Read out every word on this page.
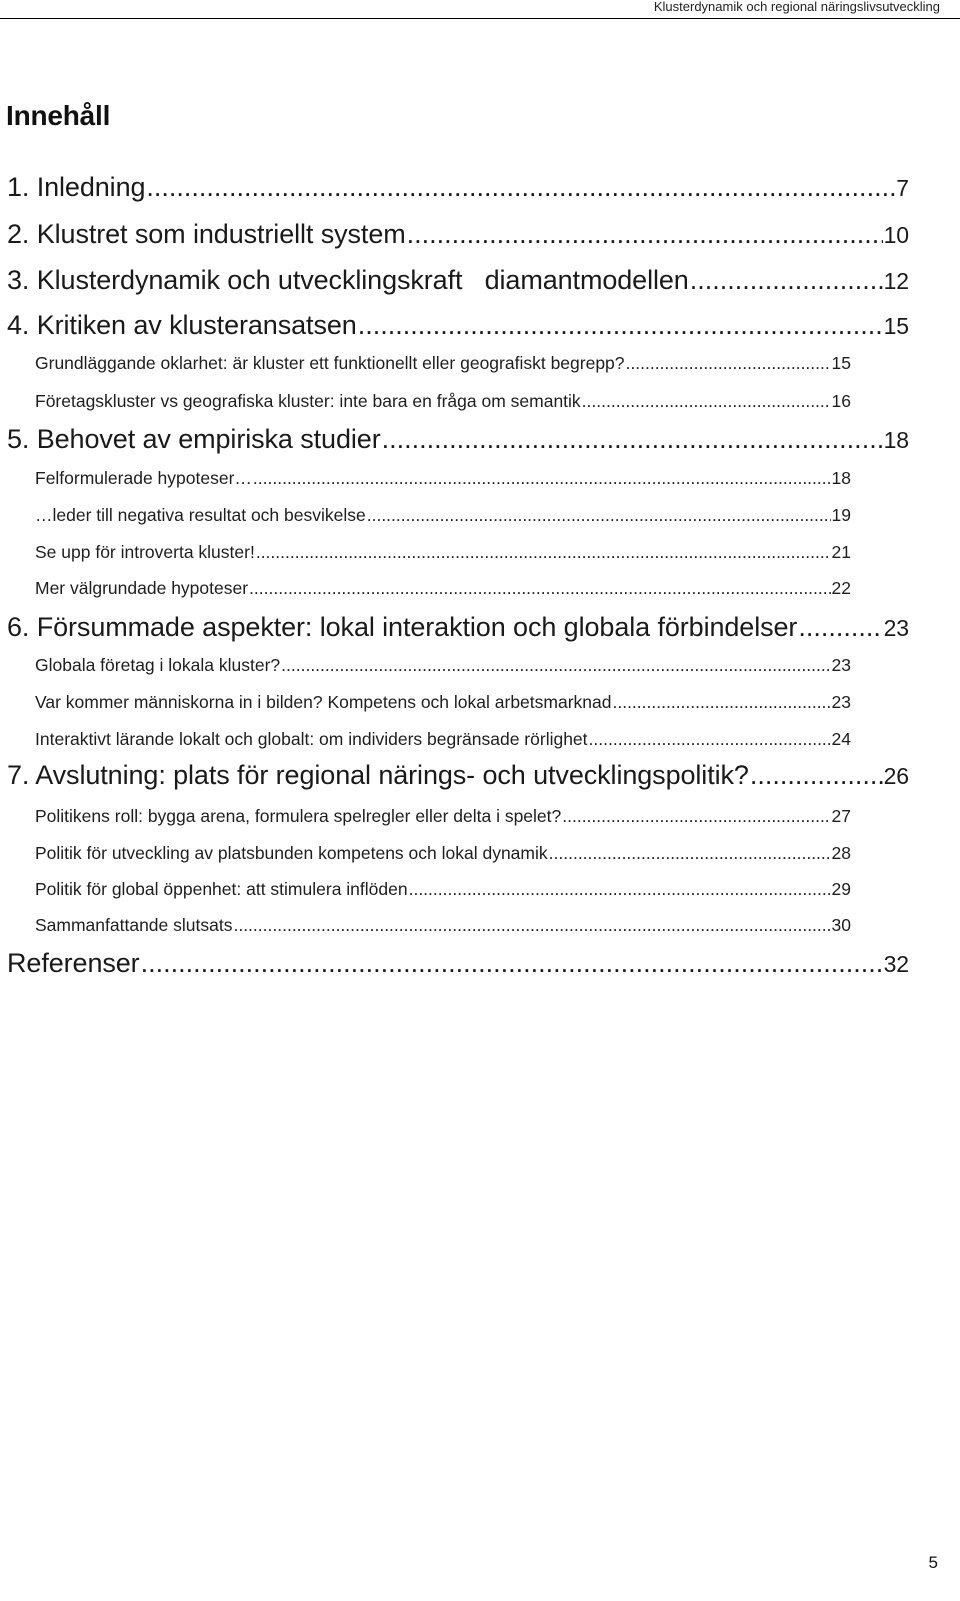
Klusterdynamik och regional näringslivsutveckling
Innehåll
1. Inledning .....	7
2. Klustret som industriellt system .....	10
3. Klusterdynamik och utvecklingskraft   diamantmodellen .....	12
4. Kritiken av klusteransatsen .....	15
Grundläggande oklarhet: är kluster ett funktionellt eller geografiskt begrepp? .....	15
Företagskluster vs geografiska kluster: inte bara en fråga om semantik .....	16
5. Behovet av empiriska studier .....	18
Felformulerade hypoteser… .....	18
…leder till negativa resultat och besvikelse .....	19
Se upp för introverta kluster! .....	21
Mer välgrundade hypoteser .....	22
6. Försummade aspekter: lokal interaktion och globala förbindelser .....	23
Globala företag i lokala kluster? .....	23
Var kommer människorna in i bilden? Kompetens och lokal arbetsmarknad .....	23
Interaktivt lärande lokalt och globalt: om individers begränsade rörlighet .....	24
7. Avslutning: plats för regional närings- och utvecklingspolitik? .....	26
Politikens roll: bygga arena, formulera spelregler eller delta i spelet? .....	27
Politik för utveckling av platsbunden kompetens och lokal dynamik .....	28
Politik för global öppenhet: att stimulera inflöden .....	29
Sammanfattande slutsats .....	30
Referenser .....	32
5
